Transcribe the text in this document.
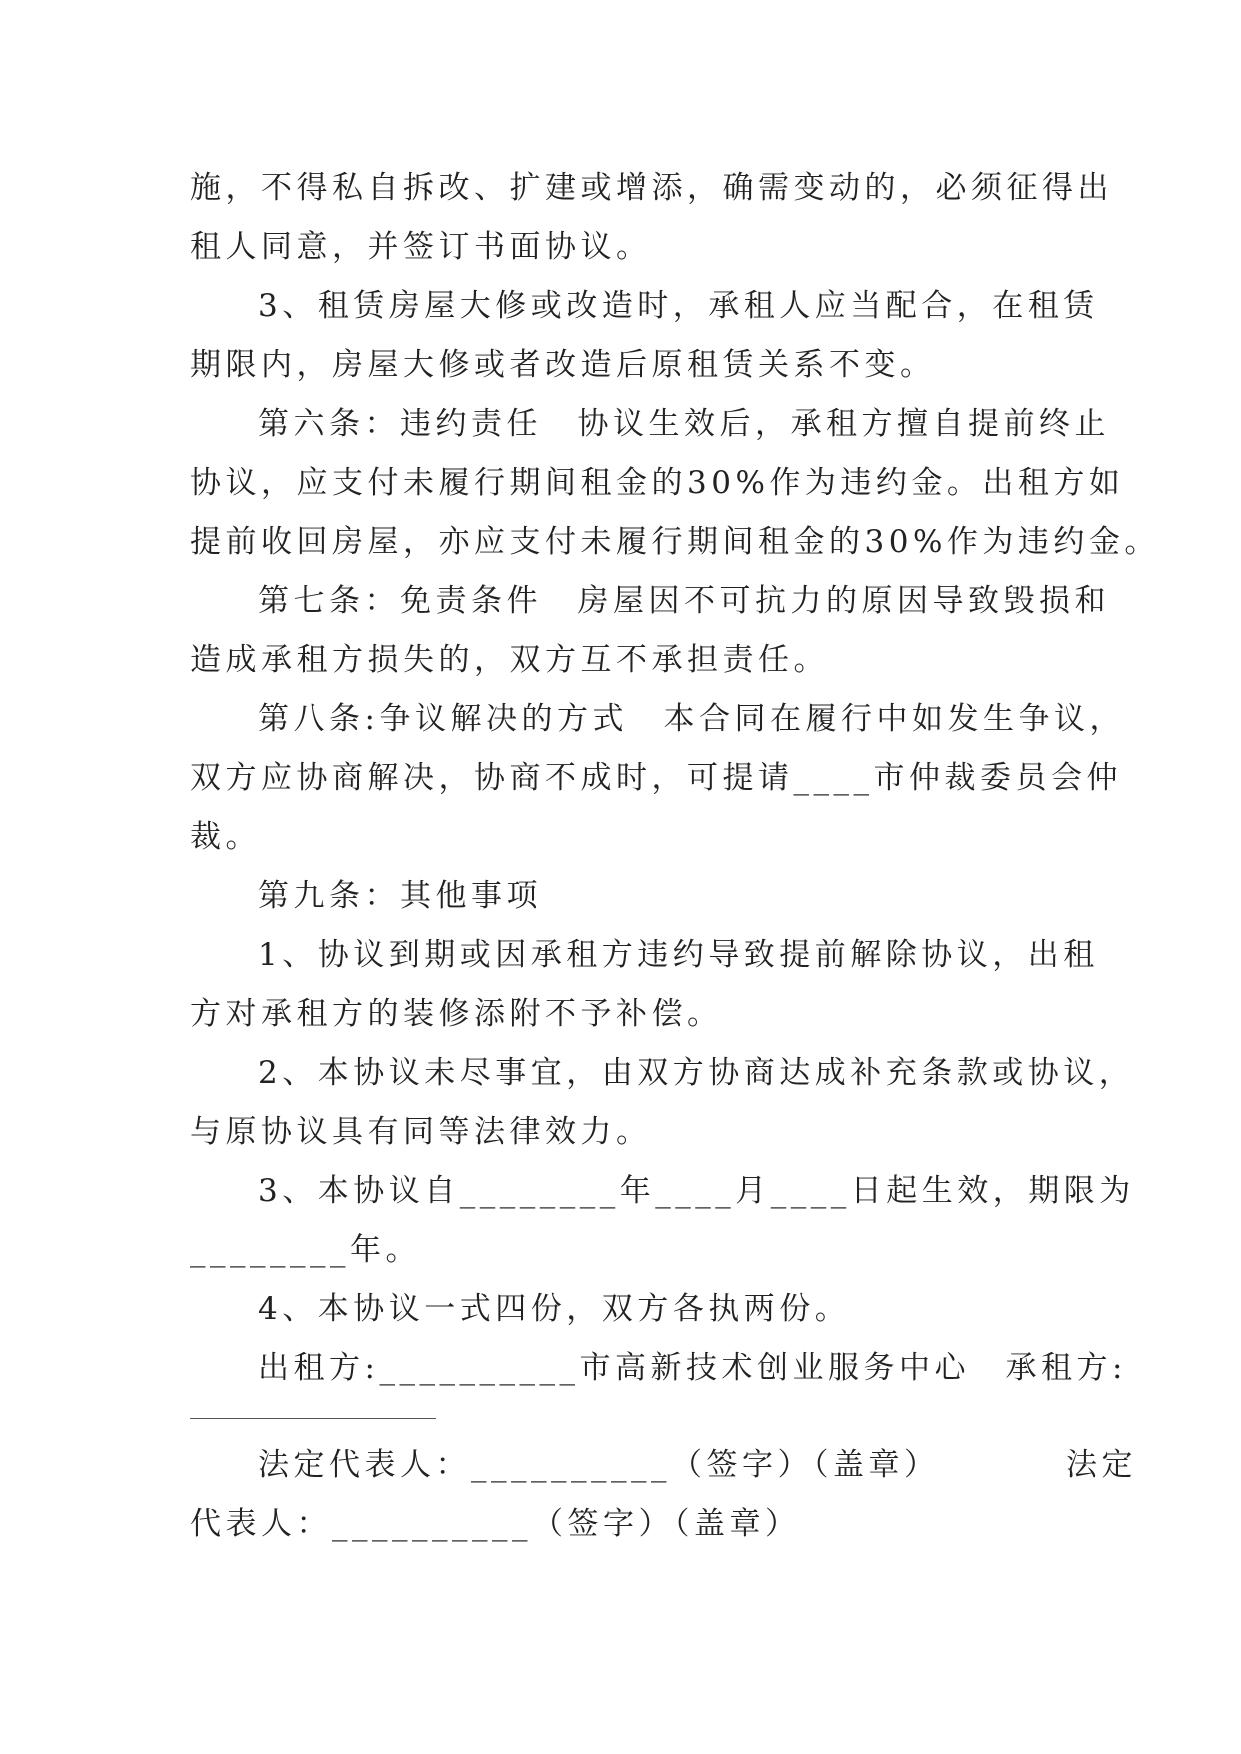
施，不得私自拆改、扩建或增添，确需变动的，必须征得出
租人同意，并签订书面协议。
3、租赁房屋大修或改造时，承租人应当配合，在租赁
期限内，房屋大修或者改造后原租赁关系不变。
第六条：违约责任　协议生效后，承租方擅自提前终止
协议，应支付未履行期间租金的30%作为违约金。出租方如
提前收回房屋，亦应支付未履行期间租金的30%作为违约金。
第七条：免责条件　房屋因不可抗力的原因导致毁损和
造成承租方损失的，双方互不承担责任。
第八条:争议解决的方式　本合同在履行中如发生争议，
双方应协商解决，协商不成时，可提请____市仲裁委员会仲
裁。
第九条：其他事项
1、协议到期或因承租方违约导致提前解除协议，出租
方对承租方的装修添附不予补偿。
2、本协议未尽事宜，由双方协商达成补充条款或协议，
与原协议具有同等法律效力。
3、本协议自________年____月____日起生效，期限为
________年。
4、本协议一式四份，双方各执两份。
出租方:__________市高新技术创业服务中心　承租方:
法定代表人：__________（签字）（盖章）　　　　法定
代表人：__________（签字）（盖章）
